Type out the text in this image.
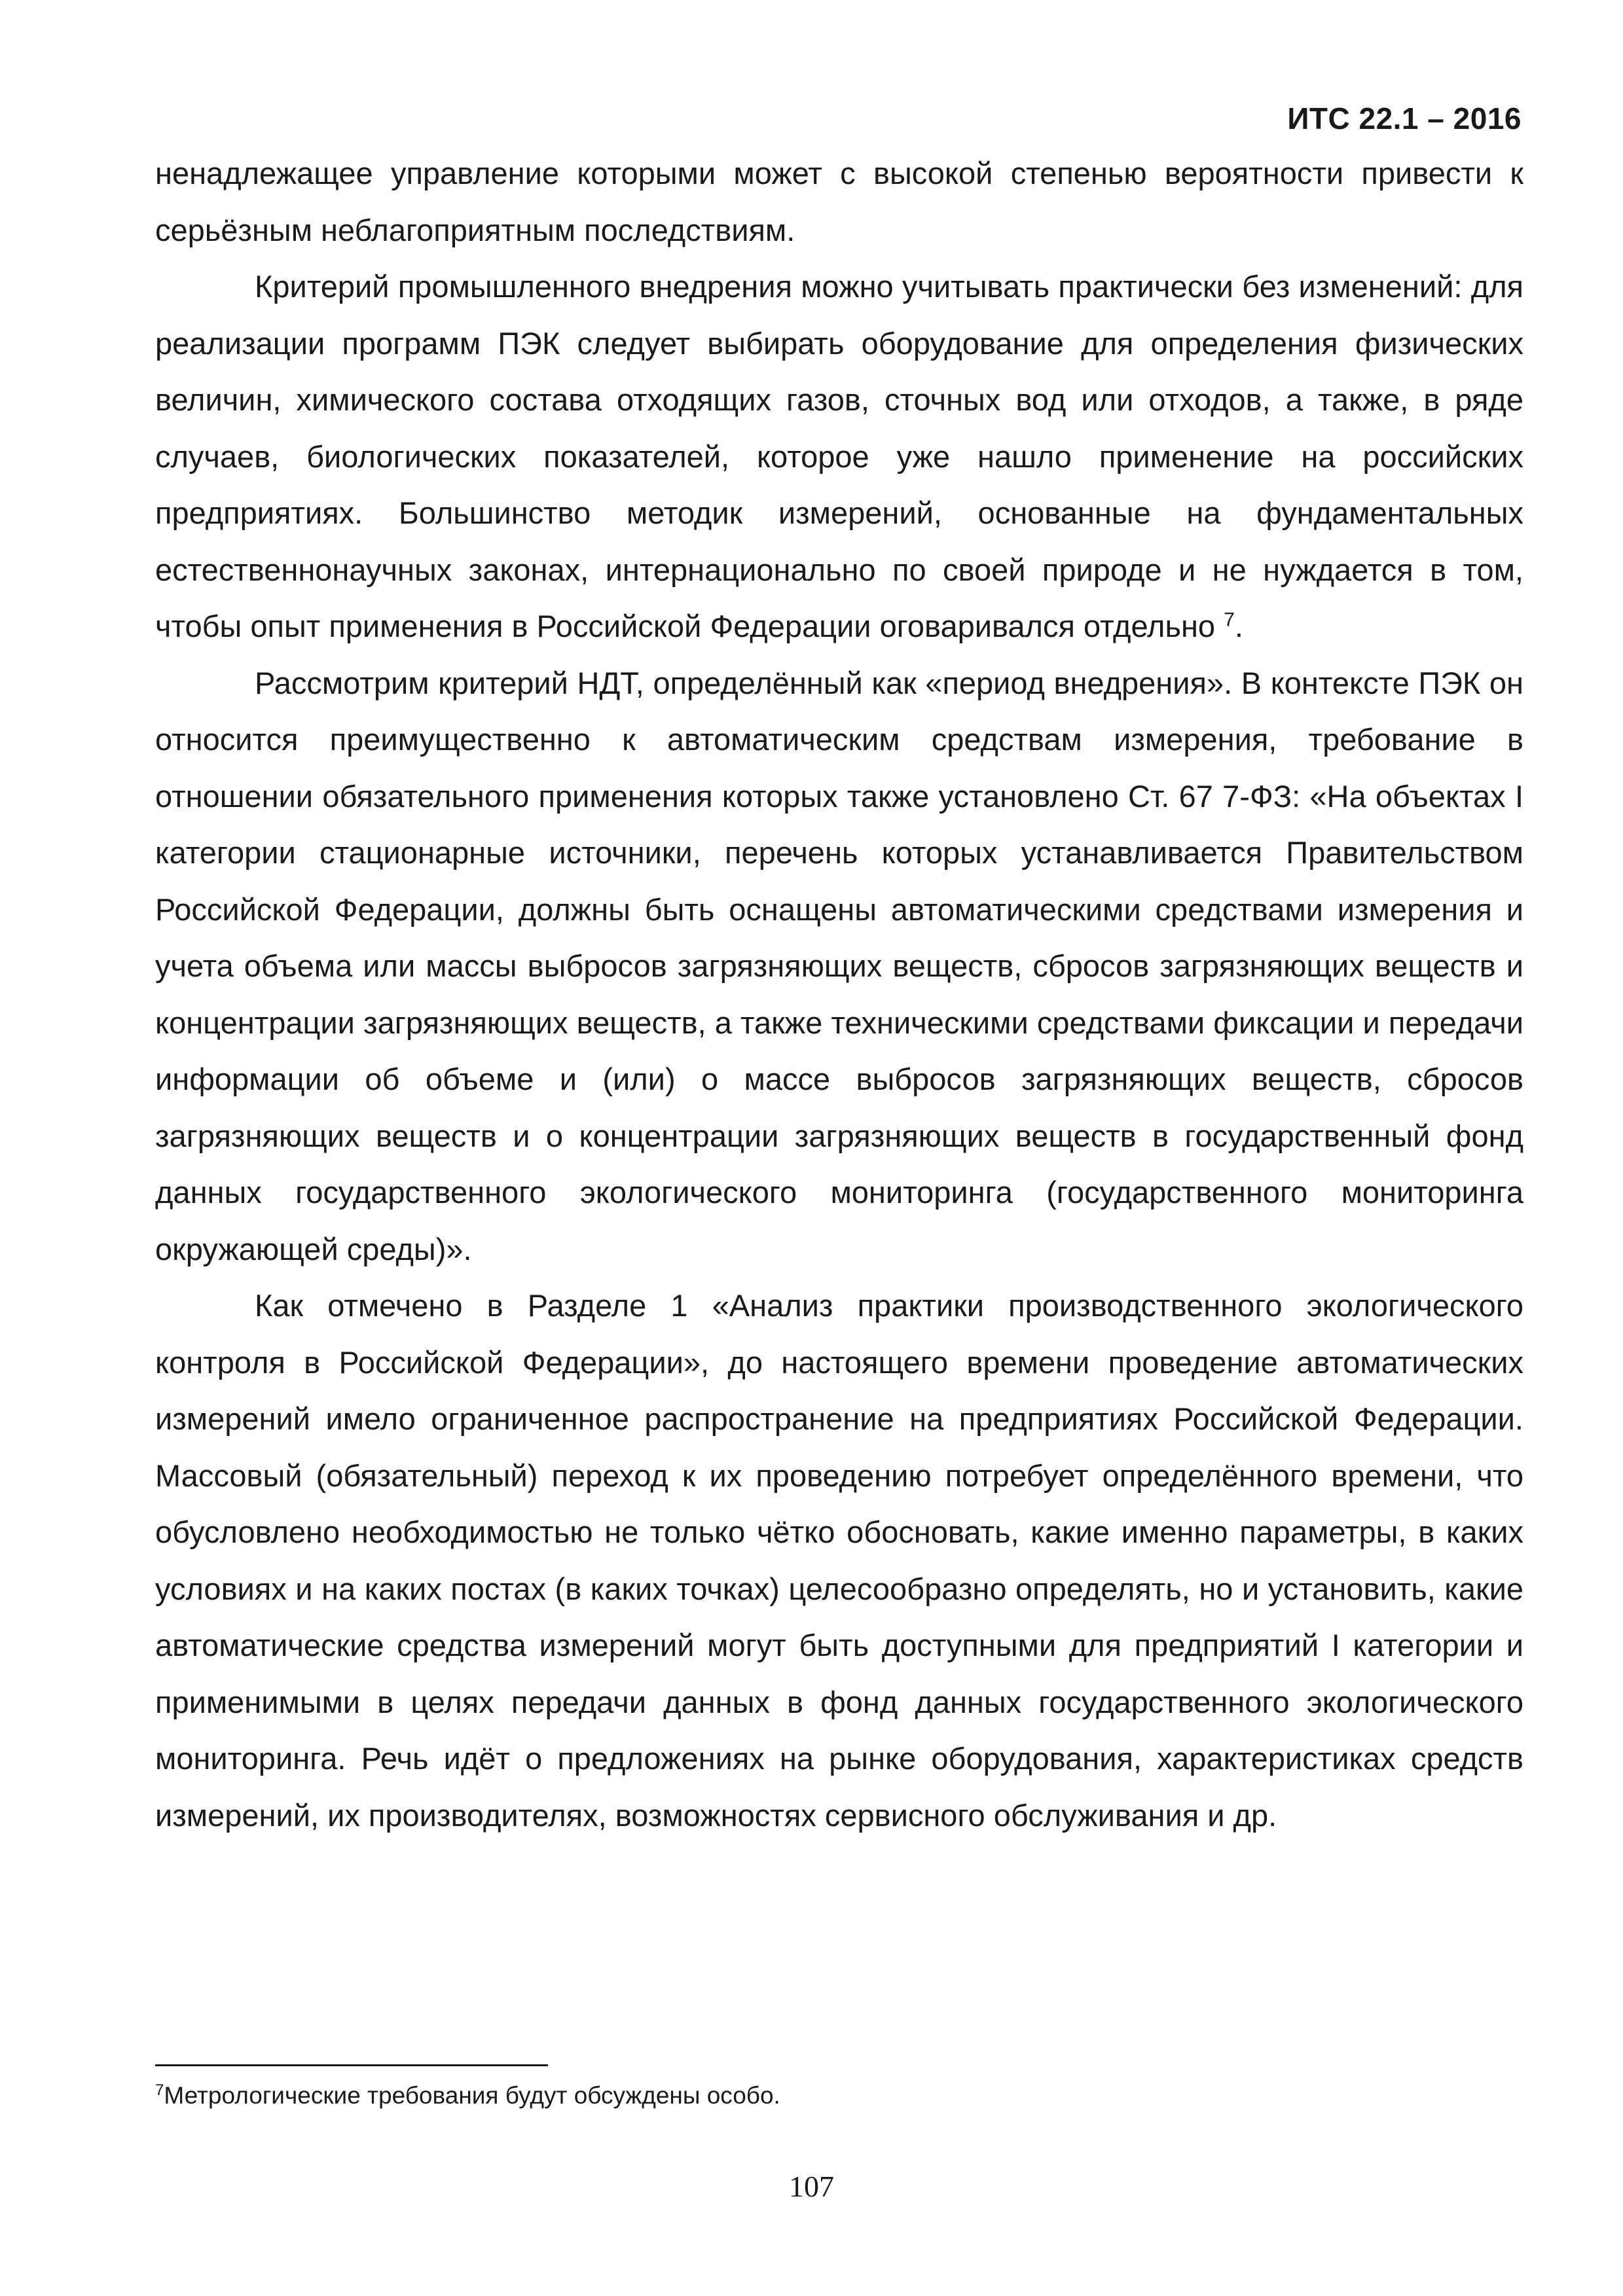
ИТС 22.1 – 2016

ненадлежащее управление которыми может с высокой степенью вероятности привести к серьёзным неблагоприятным последствиям.

Критерий промышленного внедрения можно учитывать практически без изменений: для реализации программ ПЭК следует выбирать оборудование для определения физических величин, химического состава отходящих газов, сточных вод или отходов, а также, в ряде случаев, биологических показателей, которое уже нашло применение на российских предприятиях. Большинство методик измерений, основанные на фундаментальных естественнонаучных законах, интернационально по своей природе и не нуждается в том, чтобы опыт применения в Российской Федерации оговаривался отдельно $^7$.

Рассмотрим критерий НДТ, определённый как «период внедрения». В контексте ПЭК он относится преимущественно к автоматическим средствам измерения, требование в отношении обязательного применения которых также установлено Ст. 67 7-ФЗ: «На объектах I категории стационарные источники, перечень которых устанавливается Правительством Российской Федерации, должны быть оснащены автоматическими средствами измерения и учета объема или массы выбросов загрязняющих веществ, сбросов загрязняющих веществ и концентрации загрязняющих веществ, а также техническими средствами фиксации и передачи информации об объеме и (или) о массе выбросов загрязняющих веществ, сбросов загрязняющих веществ и о концентрации загрязняющих веществ в государственный фонд данных государственного экологического мониторинга (государственного мониторинга окружающей среды)».

Как отмечено в Разделе 1 «Анализ практики производственного экологического контроля в Российской Федерации», до настоящего времени проведение автоматических измерений имело ограниченное распространение на предприятиях Российской Федерации. Массовый (обязательный) переход к их проведению потребует определённого времени, что обусловлено необходимостью не только чётко обосновать, какие именно параметры, в каких условиях и на каких постах (в каких точках) целесообразно определять, но и установить, какие автоматические средства измерений могут быть доступными для предприятий I категории и применимыми в целях передачи данных в фонд данных государственного экологического мониторинга. Речь идёт о предложениях на рынке оборудования, характеристиках средств измерений, их производителях, возможностях сервисного обслуживания и др.

$^7$Метрологические требования будут обсуждены особо.
107
